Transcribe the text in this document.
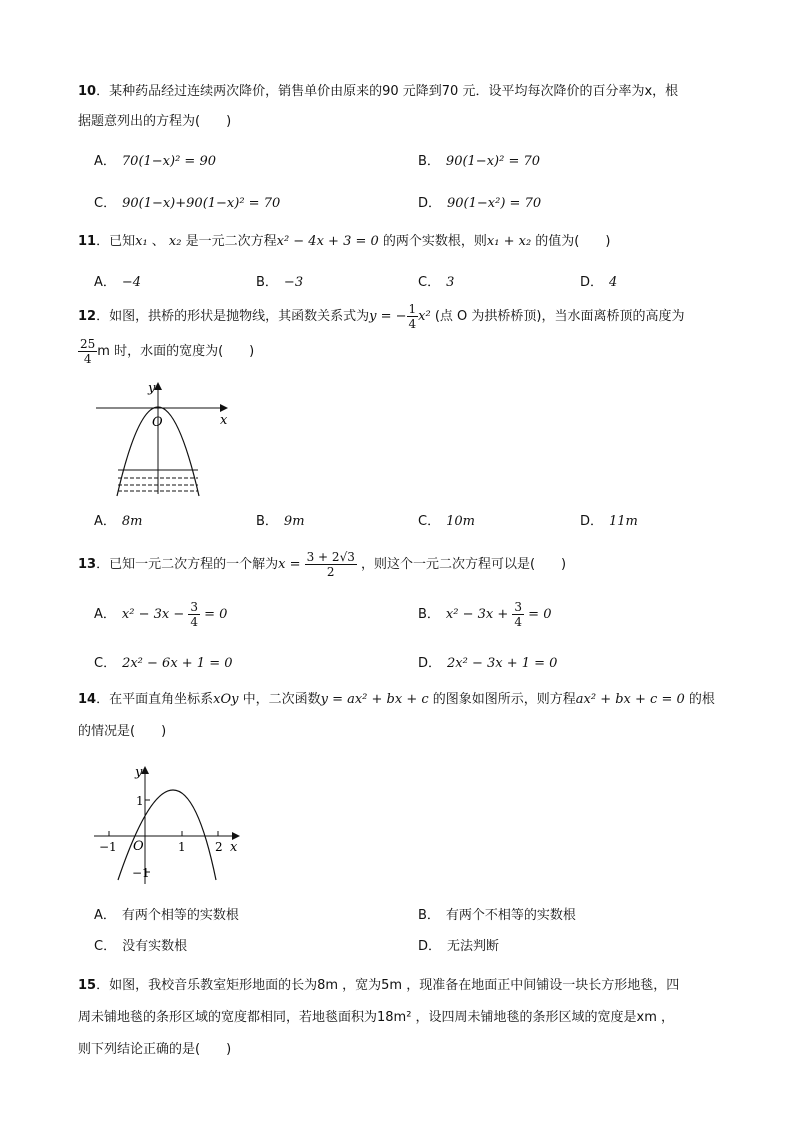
10．某种药品经过连续两次降价，销售单价由原来的90 元降到70 元．设平均每次降价的百分率为x，根
据题意列出的方程为(　　)
A． 70(1−x)² = 90	B． 90(1−x)² = 70
C． 90(1−x)+90(1−x)² = 70	D． 90(1−x²) = 70
11．已知x₁ 、 x₂ 是一元二次方程x² − 4x + 3 = 0 的两个实数根，则x₁ + x₂ 的值为(　　)
A． −4	B． −3	C． 3	D． 4
12．如图，拱桥的形状是抛物线，其函数关系式为y = − $\frac{1}{4} x^2$ (点 O 为拱桥桥顶)，当水面离桥顶的高度为
$\frac{25}{4}$ m 时，水面的宽度为(　　)
y
x
O
A． 8m	B． 9m	C． 10m	D． 11m
13．已知一元二次方程的一个解为$x = \frac{3 + 2√3}{2}$ ，则这个一元二次方程可以是(　　)
A． $x^2 - 3x - \frac{3}{4} = 0$	B． $x^2 - 3x + \frac{3}{4} = 0$
C． 2x² − 6x + 1 = 0	D． 2x² − 3x + 1 = 0
14．在平面直角坐标系xOy 中，二次函数y = ax² + bx + c 的图象如图所示，则方程ax² + bx + c = 0 的根
的情况是(　　)
y
x
O
1
−1
−1	1 2
A． 有两个相等的实数根	B． 有两个不相等的实数根
C． 没有实数根	D． 无法判断
15．如图，我校音乐教室矩形地面的长为8m ，宽为5m ，现准备在地面正中间铺设一块长方形地毯，四
周未铺地毯的条形区域的宽度都相同，若地毯面积为18m² ，设四周未铺地毯的条形区域的宽度是xm ，
则下列结论正确的是(　　)
